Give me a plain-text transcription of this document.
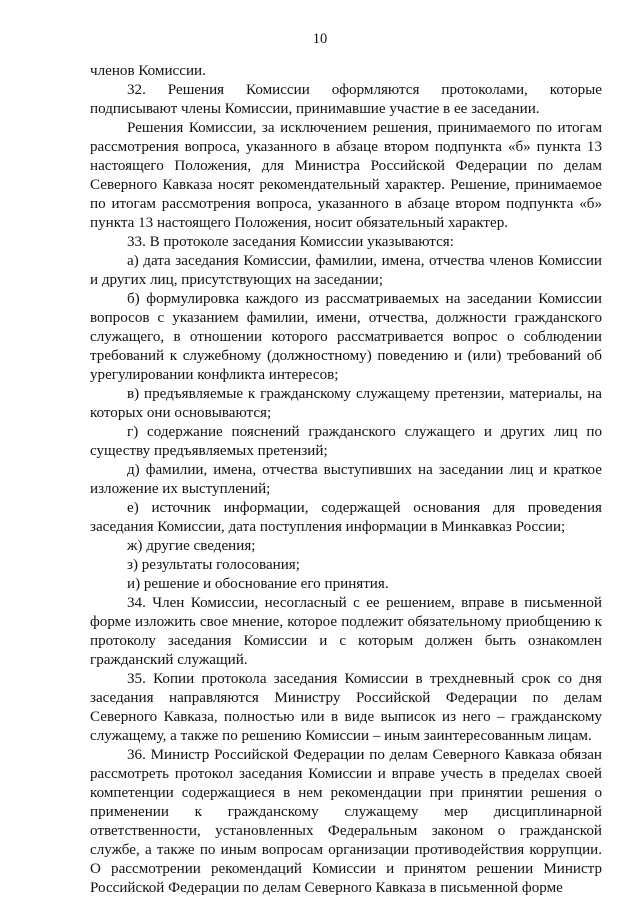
10

членов Комиссии.

32. Решения Комиссии оформляются протоколами, которые подписывают члены Комиссии, принимавшие участие в ее заседании.

Решения Комиссии, за исключением решения, принимаемого по итогам рассмотрения вопроса, указанного в абзаце втором подпункта «б» пункта 13 настоящего Положения, для Министра Российской Федерации по делам Северного Кавказа носят рекомендательный характер. Решение, принимаемое по итогам рассмотрения вопроса, указанного в абзаце втором подпункта «б» пункта 13 настоящего Положения, носит обязательный характер.

33. В протоколе заседания Комиссии указываются:

а) дата заседания Комиссии, фамилии, имена, отчества членов Комиссии и других лиц, присутствующих на заседании;

б) формулировка каждого из рассматриваемых на заседании Комиссии вопросов с указанием фамилии, имени, отчества, должности гражданского служащего, в отношении которого рассматривается вопрос о соблюдении требований к служебному (должностному) поведению и (или) требований об урегулировании конфликта интересов;

в) предъявляемые к гражданскому служащему претензии, материалы, на которых они основываются;

г) содержание пояснений гражданского служащего и других лиц по существу предъявляемых претензий;

д) фамилии, имена, отчества выступивших на заседании лиц и краткое изложение их выступлений;

е) источник информации, содержащей основания для проведения заседания Комиссии, дата поступления информации в Минкавказ России;

ж) другие сведения;

з) результаты голосования;

и) решение и обоснование его принятия.

34. Член Комиссии, несогласный с ее решением, вправе в письменной форме изложить свое мнение, которое подлежит обязательному приобщению к протоколу заседания Комиссии и с которым должен быть ознакомлен гражданский служащий.

35. Копии протокола заседания Комиссии в трехдневный срок со дня заседания направляются Министру Российской Федерации по делам Северного Кавказа, полностью или в виде выписок из него – гражданскому служащему, а также по решению Комиссии – иным заинтересованным лицам.

36. Министр Российской Федерации по делам Северного Кавказа обязан рассмотреть протокол заседания Комиссии и вправе учесть в пределах своей компетенции содержащиеся в нем рекомендации при принятии решения о применении к гражданскому служащему мер дисциплинарной ответственности, установленных Федеральным законом о гражданской службе, а также по иным вопросам организации противодействия коррупции. О рассмотрении рекомендаций Комиссии и принятом решении Министр Российской Федерации по делам Северного Кавказа в письменной форме
